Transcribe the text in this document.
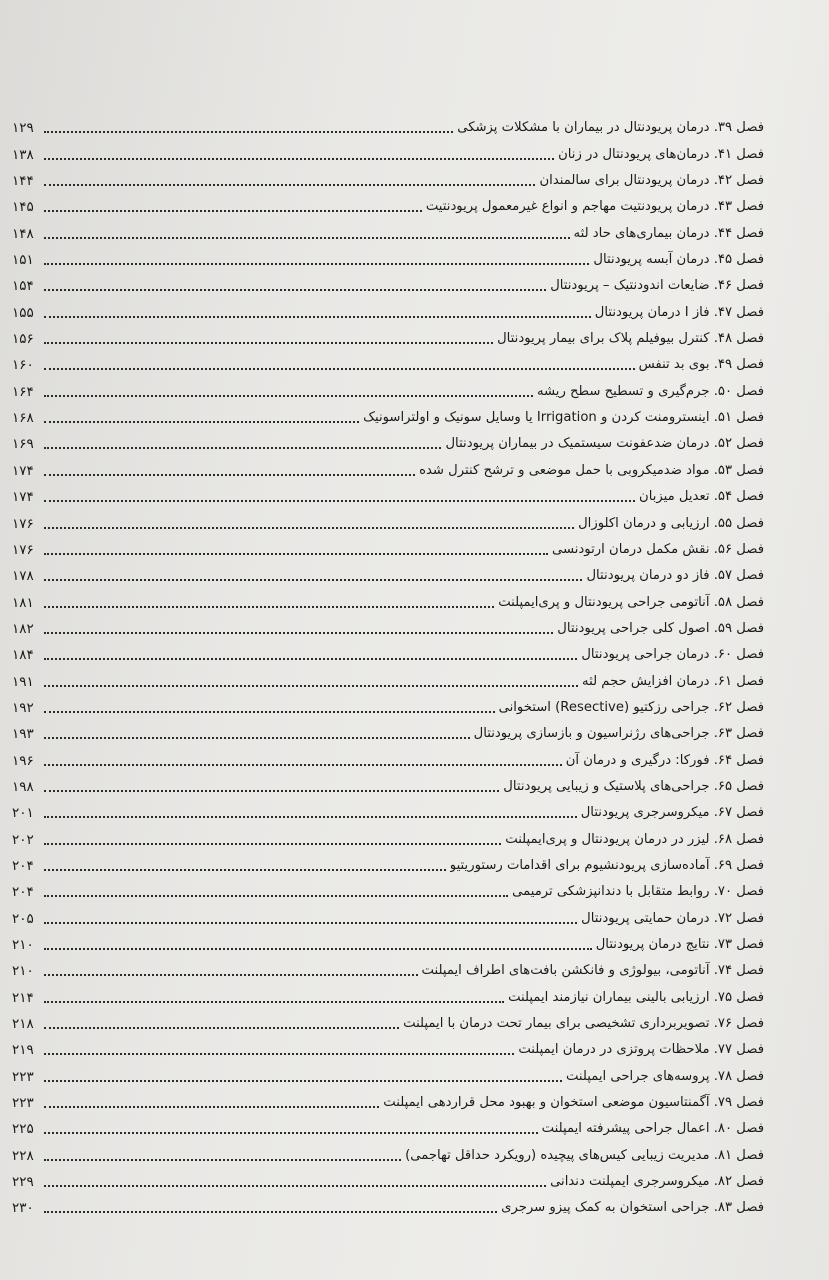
۱۲۹	فصل ۳۹. درمان پریودنتال در بیماران با مشکلات پزشکی
۱۳۸	فصل ۴۱. درمان‌های پریودنتال در زنان
۱۴۴	فصل ۴۲. درمان پریودنتال برای سالمندان
۱۴۵	فصل ۴۳. درمان پریودنتیت مهاجم و انواع غیرمعمول پریودنتیت
۱۴۸	فصل ۴۴. درمان بیماری‌های حاد لثه
۱۵۱	فصل ۴۵. درمان آبسه پریودنتال
۱۵۴	فصل ۴۶. ضایعات اندودنتیک – پریودنتال
۱۵۵	فصل ۴۷. فاز I درمان پریودنتال
۱۵۶	فصل ۴۸. کنترل بیوفیلم پلاک برای بیمار پریودنتال
۱۶۰	فصل ۴۹. بوی بد تنفس
۱۶۴	فصل ۵۰. جرم‌گیری و تسطیح سطح ریشه
۱۶۸	فصل ۵۱. اینسترومنت کردن و Irrigation یا وسایل سونیک و اولتراسونیک
۱۶۹	فصل ۵۲. درمان ضدعفونت سیستمیک در بیماران پریودنتال
۱۷۴	فصل ۵۳. مواد ضدمیکروبی با حمل موضعی و ترشح کنترل شده
۱۷۴	فصل ۵۴. تعدیل میزبان
۱۷۶	فصل ۵۵. ارزیابی و درمان اکلوزال
۱۷۶	فصل ۵۶. نقش مکمل درمان ارتودنسی
۱۷۸	فصل ۵۷. فاز دو درمان پریودنتال
۱۸۱	فصل ۵۸. آناتومی جراحی پریودنتال و پری‌ایمپلنت
۱۸۲	فصل ۵۹. اصول کلی جراحی پریودنتال
۱۸۴	فصل ۶۰. درمان جراحی پریودنتال
۱۹۱	فصل ۶۱. درمان افزایش حجم لثه
۱۹۲	فصل ۶۲. جراحی رزکتیو (Resective) استخوانی
۱۹۳	فصل ۶۳. جراحی‌های رژنراسیون و بازسازی پریودنتال
۱۹۶	فصل ۶۴. فورکا: درگیری و درمان آن
۱۹۸	فصل ۶۵. جراحی‌های پلاستیک و زیبایی پریودنتال
۲۰۱	فصل ۶۷. میکروسرجری پریودنتال
۲۰۲	فصل ۶۸. لیزر در درمان پریودنتال و پری‌ایمپلنت
۲۰۴	فصل ۶۹. آماده‌سازی پریودنشیوم برای اقدامات رستوریتیو
۲۰۴	فصل ۷۰. روابط متقابل با دندانپزشکی ترمیمی
۲۰۵	فصل ۷۲. درمان حمایتی پریودنتال
۲۱۰	فصل ۷۳. نتایج درمان پریودنتال
۲۱۰	فصل ۷۴. آناتومی، بیولوژی و فانکشن بافت‌های اطراف ایمپلنت
۲۱۴	فصل ۷۵. ارزیابی بالینی بیماران نیازمند ایمپلنت
۲۱۸	فصل ۷۶. تصویربرداری تشخیصی برای بیمار تحت درمان با ایمپلنت
۲۱۹	فصل ۷۷. ملاحظات پروتزی در درمان ایمپلنت
۲۲۳	فصل ۷۸. پروسه‌های جراحی ایمپلنت
۲۲۳	فصل ۷۹. آگمنتاسیون موضعی استخوان و بهبود محل قراردهی ایمپلنت
۲۲۵	فصل ۸۰. اعمال جراحی پیشرفته ایمپلنت
۲۲۸	فصل ۸۱. مدیریت زیبایی کیس‌های پیچیده (رویکرد حداقل تهاجمی)
۲۲۹	فصل ۸۲. میکروسرجری ایمپلنت دندانی
۲۳۰	فصل ۸۳. جراحی استخوان به کمک پیزو سرجری
